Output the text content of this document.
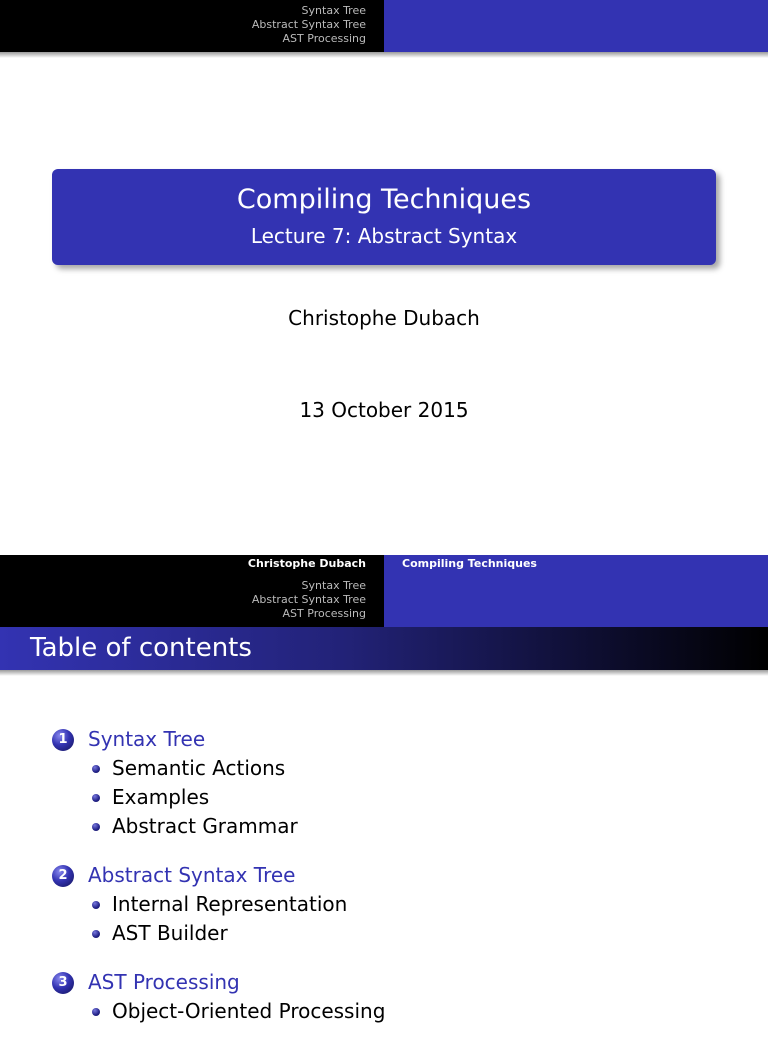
Syntax Tree
Abstract Syntax Tree
AST Processing
Compiling Techniques
Lecture 7: Abstract Syntax
Christophe Dubach
13 October 2015
Christophe Dubach	Compiling Techniques
Syntax Tree
Abstract Syntax Tree
AST Processing
Table of contents
1	Syntax Tree
Semantic Actions
Examples
Abstract Grammar
2	Abstract Syntax Tree
Internal Representation
AST Builder
3	AST Processing
Object-Oriented Processing
